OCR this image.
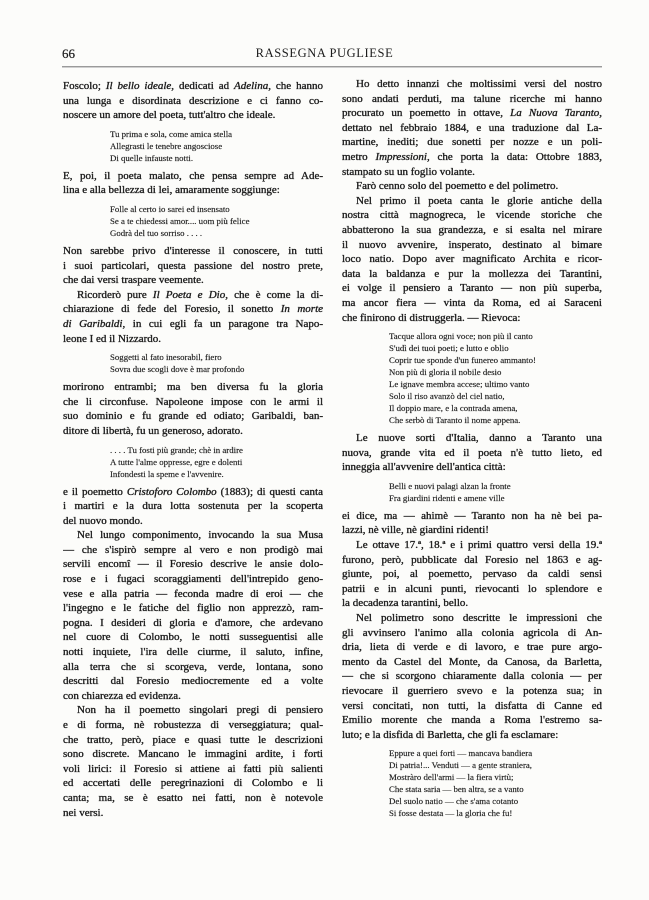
66	RASSEGNA PUGLIESE
Foscolo; Il bello ideale, dedicati ad Adelina, che hanno
una lunga e disordinata descrizione e ci fanno co-
noscere un amore del poeta, tutt'altro che ideale.
Tu prima e sola, come amica stella
Allegrasti le tenebre angosciose
Di quelle infauste notti.
E, poi, il poeta malato, che pensa sempre ad Ade-
lina e alla bellezza di lei, amaramente soggiunge:
Folle al certo io sarei ed insensato
Se a te chiedessi amor.... uom più felice
Godrà del tuo sorriso . . . .
Non sarebbe privo d'interesse il conoscere, in tutti
i suoi particolari, questa passione del nostro prete,
che dai versi traspare veemente.
Ricorderò pure Il Poeta e Dio, che è come la di-
chiarazione di fede del Foresio, il sonetto In morte
di Garibaldi, in cui egli fa un paragone tra Napo-
leone I ed il Nizzardo.
Soggetti al fato inesorabil, fiero
Sovra due scogli dove è mar profondo
morirono entrambi; ma ben diversa fu la gloria
che li circonfuse. Napoleone impose con le armi il
suo dominio e fu grande ed odiato; Garibaldi, ban-
ditore di libertà, fu un generoso, adorato.
. . . . Tu fosti più grande; chè in ardire
A tutte l'alme oppresse, egre e dolenti
Infondesti la speme e l'avvenire.
e il poemetto Cristoforo Colombo (1883); di questi canta
i martiri e la dura lotta sostenuta per la scoperta
del nuovo mondo.
Nel lungo componimento, invocando la sua Musa
— che s'ispirò sempre al vero e non prodigò mai
servili encomî — il Foresio descrive le ansie dolo-
rose e i fugaci scoraggiamenti dell'intrepido geno-
vese e alla patria — feconda madre di eroi — che
l'ingegno e le fatiche del figlio non apprezzò, ram-
pogna. I desideri di gloria e d'amore, che ardevano
nel cuore di Colombo, le notti susseguentisi alle
notti inquiete, l'ira delle ciurme, il saluto, infine,
alla terra che si scorgeva, verde, lontana, sono
descritti dal Foresio mediocremente ed a volte
con chiarezza ed evidenza.
Non ha il poemetto singolari pregi di pensiero
e di forma, nè robustezza di verseggiatura; qual-
che tratto, però, piace e quasi tutte le descrizioni
sono discrete. Mancano le immagini ardite, i forti
voli lirici: il Foresio si attiene ai fatti più salienti
ed accertati delle peregrinazioni di Colombo e li
canta; ma, se è esatto nei fatti, non è notevole
nei versi.
Ho detto innanzi che moltissimi versi del nostro
sono andati perduti, ma talune ricerche mi hanno
procurato un poemetto in ottave, La Nuova Taranto,
dettato nel febbraio 1884, e una traduzione dal La-
martine, inediti; due sonetti per nozze e un poli-
metro Impressioni, che porta la data: Ottobre 1883,
stampato su un foglio volante.
Farò cenno solo del poemetto e del polimetro.
Nel primo il poeta canta le glorie antiche della
nostra città magnogreca, le vicende storiche che
abbatterono la sua grandezza, e si esalta nel mirare
il nuovo avvenire, insperato, destinato al bimare
loco natio. Dopo aver magnificato Archita e ricor-
data la baldanza e pur la mollezza dei Tarantini,
ei volge il pensiero a Taranto — non più superba,
ma ancor fiera — vinta da Roma, ed ai Saraceni
che finirono di distruggerla. — Rievoca:
Tacque allora ogni voce; non più il canto
S'udì dei tuoi poeti; e lutto e oblio
Coprir tue sponde d'un funereo ammanto!
Non più di gloria il nobile desio
Le ignave membra accese; ultimo vanto
Solo il riso avanzò del ciel natio,
Il doppio mare, e la contrada amena,
Che serbò di Taranto il nome appena.
Le nuove sorti d'Italia, danno a Taranto una
nuova, grande vita ed il poeta n'è tutto lieto, ed
inneggia all'avvenire dell'antica città:
Belli e nuovi palagi alzan la fronte
Fra giardini ridenti e amene ville
ei dice, ma — ahimè — Taranto non ha nè bei pa-
lazzi, nè ville, nè giardini ridenti!
Le ottave 17.ª, 18.ª e i primi quattro versi della 19.ª
furono, però, pubblicate dal Foresio nel 1863 e ag-
giunte, poi, al poemetto, pervaso da caldi sensi
patrii e in alcuni punti, rievocanti lo splendore e
la decadenza tarantini, bello.
Nel polimetro sono descritte le impressioni che
gli avvinsero l'animo alla colonia agricola di An-
dria, lieta di verde e di lavoro, e trae pure argo-
mento da Castel del Monte, da Canosa, da Barletta,
— che si scorgono chiaramente dalla colonia — per
rievocare il guerriero svevo e la potenza sua; in
versi concitati, non tutti, la disfatta di Canne ed
Emilio morente che manda a Roma l'estremo sa-
luto; e la disfida di Barletta, che gli fa esclamare:
Eppure a quei forti — mancava bandiera
Di patria!... Venduti — a gente straniera,
Mostràro dell'armi — la fiera virtù;
Che stata saria — ben altra, se a vanto
Del suolo natio — che s'ama cotanto
Si fosse destata — la gloria che fu!
